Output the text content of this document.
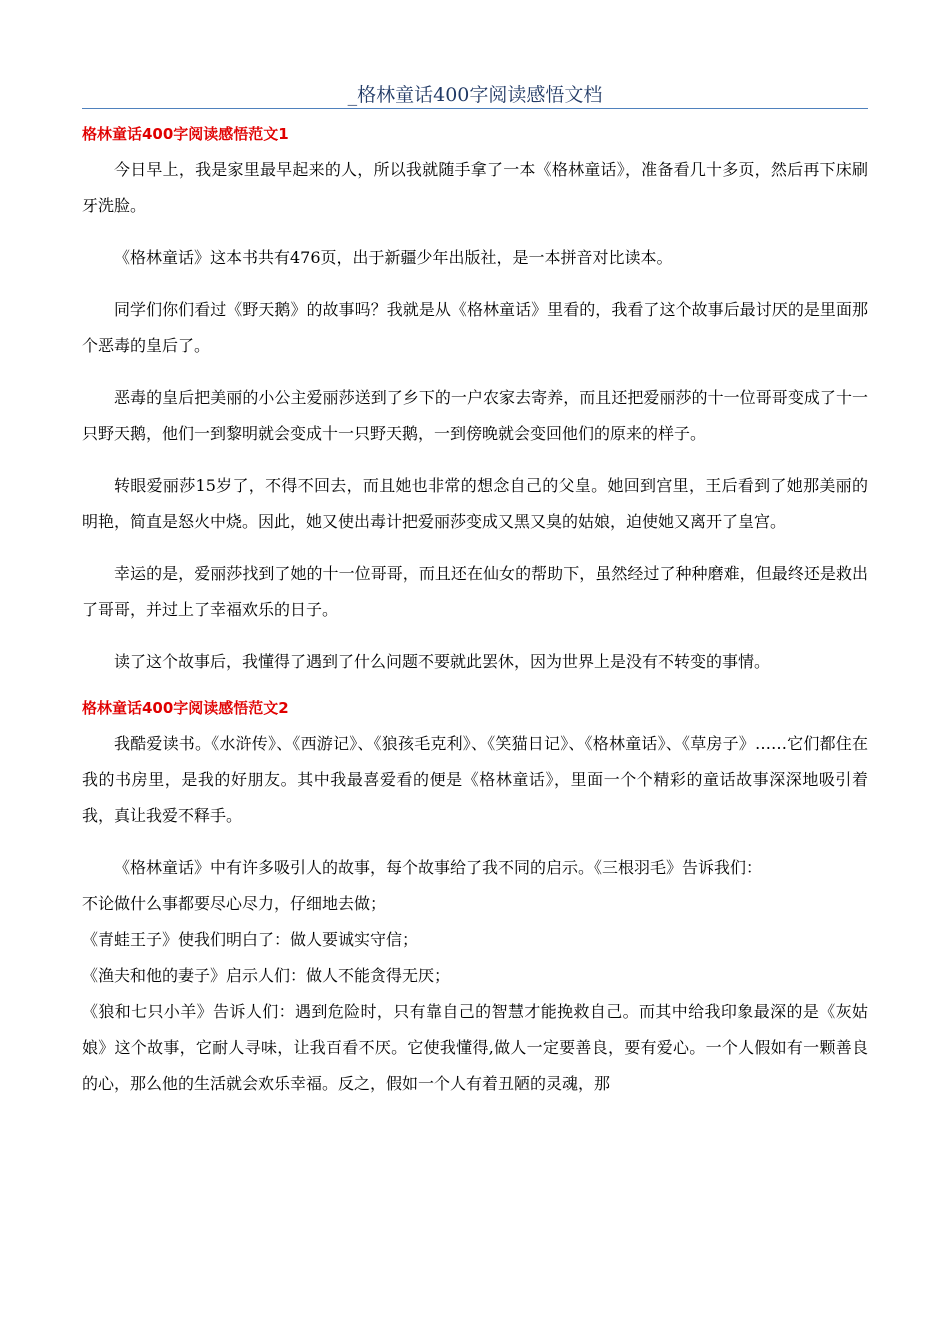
_格林童话400字阅读感悟文档
格林童话400字阅读感悟范文1

今日早上，我是家里最早起来的人，所以我就随手拿了一本《格林童话》，准备看几十多页，然后再下床刷牙洗脸。

《格林童话》这本书共有476页，出于新疆少年出版社，是一本拼音对比读本。

同学们你们看过《野天鹅》的故事吗？我就是从《格林童话》里看的，我看了这个故事后最讨厌的是里面那个恶毒的皇后了。

恶毒的皇后把美丽的小公主爱丽莎送到了乡下的一户农家去寄养，而且还把爱丽莎的十一位哥哥变成了十一只野天鹅，他们一到黎明就会变成十一只野天鹅，一到傍晚就会变回他们的原来的样子。

转眼爱丽莎15岁了，不得不回去，而且她也非常的想念自己的父皇。她回到宫里，王后看到了她那美丽的明艳，简直是怒火中烧。因此，她又使出毒计把爱丽莎变成又黑又臭的姑娘，迫使她又离开了皇宫。

幸运的是，爱丽莎找到了她的十一位哥哥，而且还在仙女的帮助下，虽然经过了种种磨难，但最终还是救出了哥哥，并过上了幸福欢乐的日子。

读了这个故事后，我懂得了遇到了什么问题不要就此罢休，因为世界上是没有不转变的事情。

格林童话400字阅读感悟范文2

我酷爱读书。《水浒传》、《西游记》、《狼孩毛克利》、《笑猫日记》、《格林童话》、《草房子》……它们都住在我的书房里，是我的好朋友。其中我最喜爱看的便是《格林童话》，里面一个个精彩的童话故事深深地吸引着我，真让我爱不释手。

《格林童话》中有许多吸引人的故事，每个故事给了我不同的启示。《三根羽毛》告诉我们：

不论做什么事都要尽心尽力，仔细地去做；

《青蛙王子》使我们明白了：做人要诚实守信；

《渔夫和他的妻子》启示人们：做人不能贪得无厌；

《狼和七只小羊》告诉人们：遇到危险时，只有靠自己的智慧才能挽救自己。而其中给我印象最深的是《灰姑娘》这个故事，它耐人寻味，让我百看不厌。它使我懂得,做人一定要善良，要有爱心。一个人假如有一颗善良的心，那么他的生活就会欢乐幸福。反之，假如一个人有着丑陋的灵魂，那
